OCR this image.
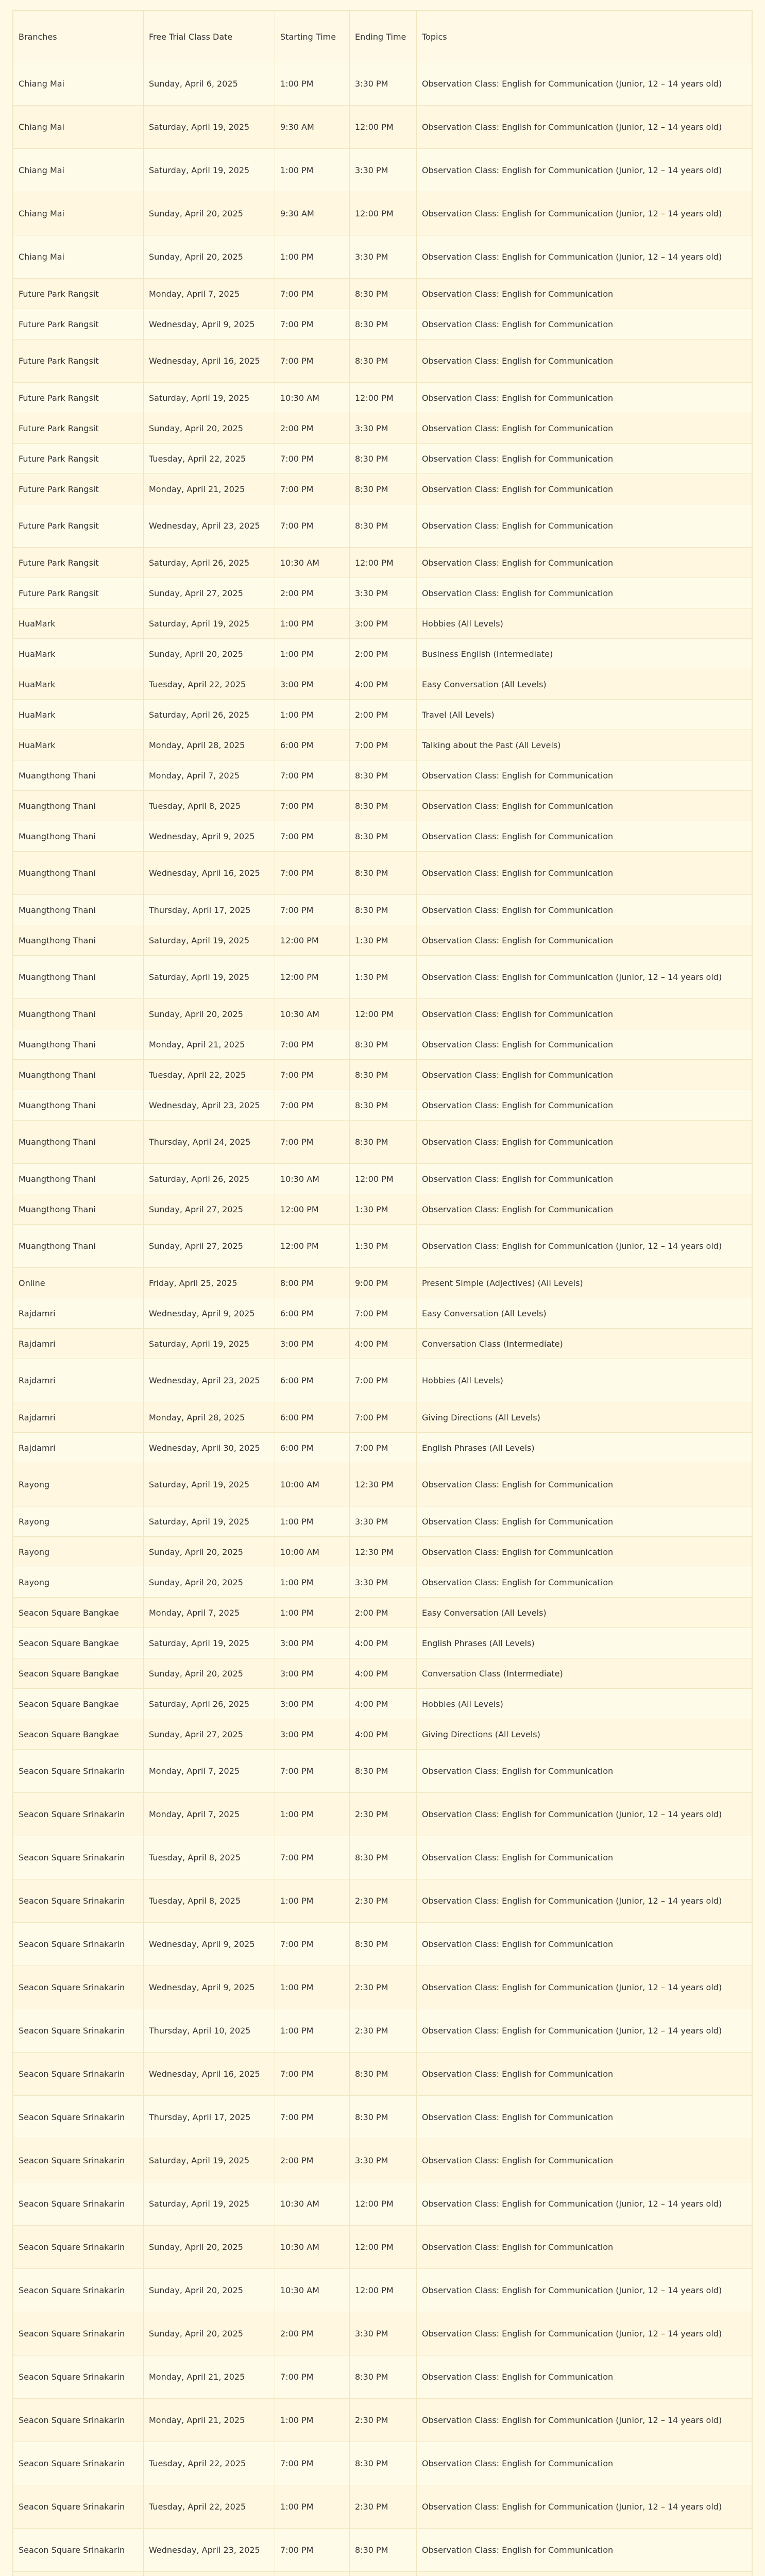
Branches	Free Trial Class Date	Starting Time	Ending Time	Topics
Chiang Mai	Sunday, April 6, 2025	1:00 PM	3:30 PM	Observation Class: English for Communication (Junior, 12 – 14 years old)
Chiang Mai	Saturday, April 19, 2025	9:30 AM	12:00 PM	Observation Class: English for Communication (Junior, 12 – 14 years old)
Chiang Mai	Saturday, April 19, 2025	1:00 PM	3:30 PM	Observation Class: English for Communication (Junior, 12 – 14 years old)
Chiang Mai	Sunday, April 20, 2025	9:30 AM	12:00 PM	Observation Class: English for Communication (Junior, 12 – 14 years old)
Chiang Mai	Sunday, April 20, 2025	1:00 PM	3:30 PM	Observation Class: English for Communication (Junior, 12 – 14 years old)
Future Park Rangsit	Monday, April 7, 2025	7:00 PM	8:30 PM	Observation Class: English for Communication
Future Park Rangsit	Wednesday, April 9, 2025	7:00 PM	8:30 PM	Observation Class: English for Communication
Future Park Rangsit	Wednesday, April 16, 2025	7:00 PM	8:30 PM	Observation Class: English for Communication
Future Park Rangsit	Saturday, April 19, 2025	10:30 AM	12:00 PM	Observation Class: English for Communication
Future Park Rangsit	Sunday, April 20, 2025	2:00 PM	3:30 PM	Observation Class: English for Communication
Future Park Rangsit	Tuesday, April 22, 2025	7:00 PM	8:30 PM	Observation Class: English for Communication
Future Park Rangsit	Monday, April 21, 2025	7:00 PM	8:30 PM	Observation Class: English for Communication
Future Park Rangsit	Wednesday, April 23, 2025	7:00 PM	8:30 PM	Observation Class: English for Communication
Future Park Rangsit	Saturday, April 26, 2025	10:30 AM	12:00 PM	Observation Class: English for Communication
Future Park Rangsit	Sunday, April 27, 2025	2:00 PM	3:30 PM	Observation Class: English for Communication
HuaMark	Saturday, April 19, 2025	1:00 PM	3:00 PM	Hobbies (All Levels)
HuaMark	Sunday, April 20, 2025	1:00 PM	2:00 PM	Business English (Intermediate)
HuaMark	Tuesday, April 22, 2025	3:00 PM	4:00 PM	Easy Conversation (All Levels)
HuaMark	Saturday, April 26, 2025	1:00 PM	2:00 PM	Travel (All Levels)
HuaMark	Monday, April 28, 2025	6:00 PM	7:00 PM	Talking about the Past (All Levels)
Muangthong Thani	Monday, April 7, 2025	7:00 PM	8:30 PM	Observation Class: English for Communication
Muangthong Thani	Tuesday, April 8, 2025	7:00 PM	8:30 PM	Observation Class: English for Communication
Muangthong Thani	Wednesday, April 9, 2025	7:00 PM	8:30 PM	Observation Class: English for Communication
Muangthong Thani	Wednesday, April 16, 2025	7:00 PM	8:30 PM	Observation Class: English for Communication
Muangthong Thani	Thursday, April 17, 2025	7:00 PM	8:30 PM	Observation Class: English for Communication
Muangthong Thani	Saturday, April 19, 2025	12:00 PM	1:30 PM	Observation Class: English for Communication
Muangthong Thani	Saturday, April 19, 2025	12:00 PM	1:30 PM	Observation Class: English for Communication (Junior, 12 – 14 years old)
Muangthong Thani	Sunday, April 20, 2025	10:30 AM	12:00 PM	Observation Class: English for Communication
Muangthong Thani	Monday, April 21, 2025	7:00 PM	8:30 PM	Observation Class: English for Communication
Muangthong Thani	Tuesday, April 22, 2025	7:00 PM	8:30 PM	Observation Class: English for Communication
Muangthong Thani	Wednesday, April 23, 2025	7:00 PM	8:30 PM	Observation Class: English for Communication
Muangthong Thani	Thursday, April 24, 2025	7:00 PM	8:30 PM	Observation Class: English for Communication
Muangthong Thani	Saturday, April 26, 2025	10:30 AM	12:00 PM	Observation Class: English for Communication
Muangthong Thani	Sunday, April 27, 2025	12:00 PM	1:30 PM	Observation Class: English for Communication
Muangthong Thani	Sunday, April 27, 2025	12:00 PM	1:30 PM	Observation Class: English for Communication (Junior, 12 – 14 years old)
Online	Friday, April 25, 2025	8:00 PM	9:00 PM	Present Simple (Adjectives) (All Levels)
Rajdamri	Wednesday, April 9, 2025	6:00 PM	7:00 PM	Easy Conversation (All Levels)
Rajdamri	Saturday, April 19, 2025	3:00 PM	4:00 PM	Conversation Class (Intermediate)
Rajdamri	Wednesday, April 23, 2025	6:00 PM	7:00 PM	Hobbies (All Levels)
Rajdamri	Monday, April 28, 2025	6:00 PM	7:00 PM	Giving Directions (All Levels)
Rajdamri	Wednesday, April 30, 2025	6:00 PM	7:00 PM	English Phrases (All Levels)
Rayong	Saturday, April 19, 2025	10:00 AM	12:30 PM	Observation Class: English for Communication
Rayong	Saturday, April 19, 2025	1:00 PM	3:30 PM	Observation Class: English for Communication
Rayong	Sunday, April 20, 2025	10:00 AM	12:30 PM	Observation Class: English for Communication
Rayong	Sunday, April 20, 2025	1:00 PM	3:30 PM	Observation Class: English for Communication
Seacon Square Bangkae	Monday, April 7, 2025	1:00 PM	2:00 PM	Easy Conversation (All Levels)
Seacon Square Bangkae	Saturday, April 19, 2025	3:00 PM	4:00 PM	English Phrases (All Levels)
Seacon Square Bangkae	Sunday, April 20, 2025	3:00 PM	4:00 PM	Conversation Class (Intermediate)
Seacon Square Bangkae	Saturday, April 26, 2025	3:00 PM	4:00 PM	Hobbies (All Levels)
Seacon Square Bangkae	Sunday, April 27, 2025	3:00 PM	4:00 PM	Giving Directions (All Levels)
Seacon Square Srinakarin	Monday, April 7, 2025	7:00 PM	8:30 PM	Observation Class: English for Communication
Seacon Square Srinakarin	Monday, April 7, 2025	1:00 PM	2:30 PM	Observation Class: English for Communication (Junior, 12 – 14 years old)
Seacon Square Srinakarin	Tuesday, April 8, 2025	7:00 PM	8:30 PM	Observation Class: English for Communication
Seacon Square Srinakarin	Tuesday, April 8, 2025	1:00 PM	2:30 PM	Observation Class: English for Communication (Junior, 12 – 14 years old)
Seacon Square Srinakarin	Wednesday, April 9, 2025	7:00 PM	8:30 PM	Observation Class: English for Communication
Seacon Square Srinakarin	Wednesday, April 9, 2025	1:00 PM	2:30 PM	Observation Class: English for Communication (Junior, 12 – 14 years old)
Seacon Square Srinakarin	Thursday, April 10, 2025	1:00 PM	2:30 PM	Observation Class: English for Communication (Junior, 12 – 14 years old)
Seacon Square Srinakarin	Wednesday, April 16, 2025	7:00 PM	8:30 PM	Observation Class: English for Communication
Seacon Square Srinakarin	Thursday, April 17, 2025	7:00 PM	8:30 PM	Observation Class: English for Communication
Seacon Square Srinakarin	Saturday, April 19, 2025	2:00 PM	3:30 PM	Observation Class: English for Communication
Seacon Square Srinakarin	Saturday, April 19, 2025	10:30 AM	12:00 PM	Observation Class: English for Communication (Junior, 12 – 14 years old)
Seacon Square Srinakarin	Sunday, April 20, 2025	10:30 AM	12:00 PM	Observation Class: English for Communication
Seacon Square Srinakarin	Sunday, April 20, 2025	10:30 AM	12:00 PM	Observation Class: English for Communication (Junior, 12 – 14 years old)
Seacon Square Srinakarin	Sunday, April 20, 2025	2:00 PM	3:30 PM	Observation Class: English for Communication (Junior, 12 – 14 years old)
Seacon Square Srinakarin	Monday, April 21, 2025	7:00 PM	8:30 PM	Observation Class: English for Communication
Seacon Square Srinakarin	Monday, April 21, 2025	1:00 PM	2:30 PM	Observation Class: English for Communication (Junior, 12 – 14 years old)
Seacon Square Srinakarin	Tuesday, April 22, 2025	7:00 PM	8:30 PM	Observation Class: English for Communication
Seacon Square Srinakarin	Tuesday, April 22, 2025	1:00 PM	2:30 PM	Observation Class: English for Communication (Junior, 12 – 14 years old)
Seacon Square Srinakarin	Wednesday, April 23, 2025	7:00 PM	8:30 PM	Observation Class: English for Communication
